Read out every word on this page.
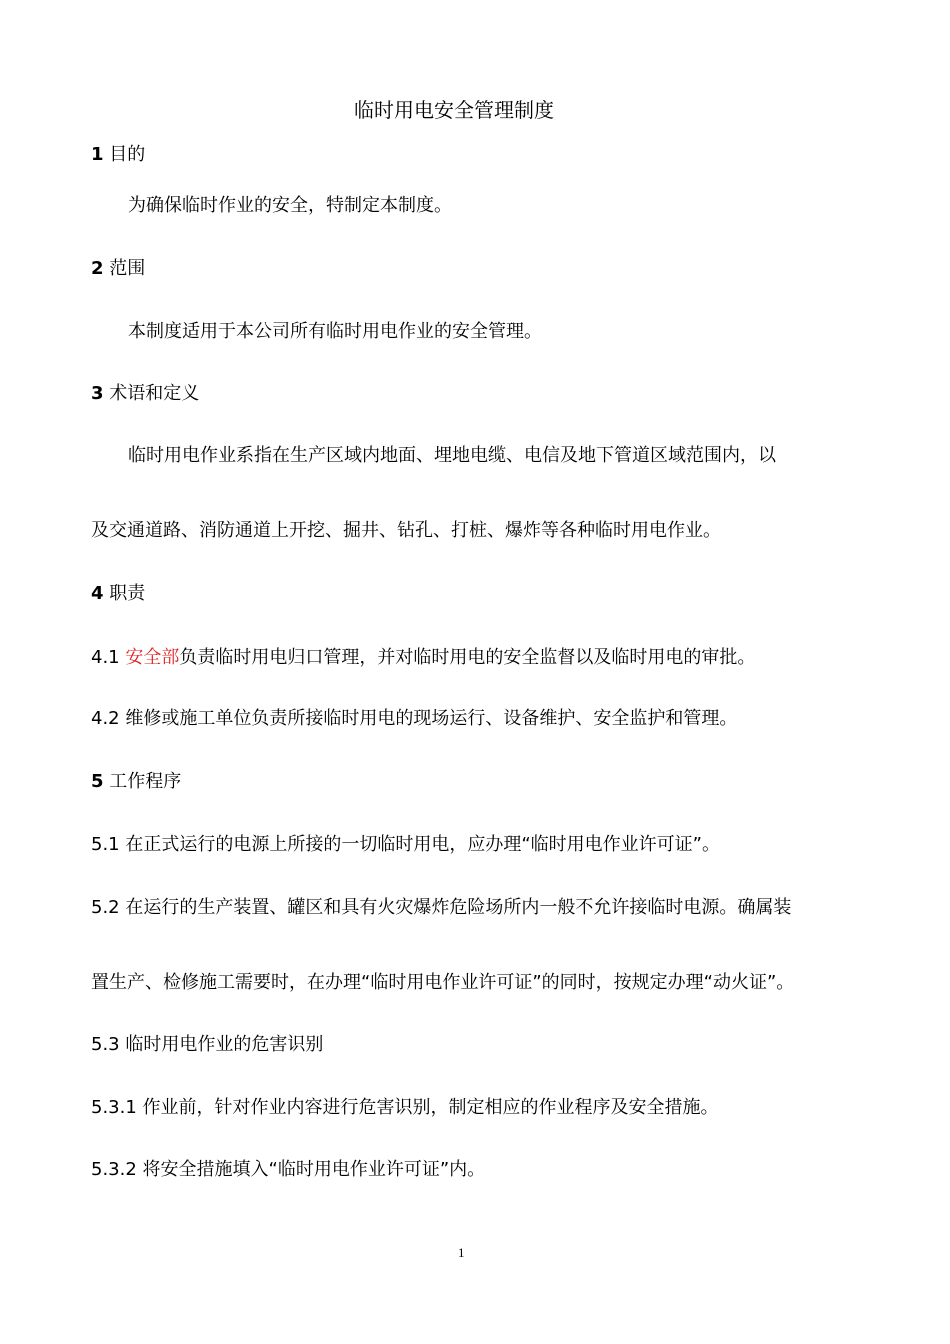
临时用电安全管理制度
1 目的
为确保临时作业的安全，特制定本制度。
2 范围
本制度适用于本公司所有临时用电作业的安全管理。
3 术语和定义
临时用电作业系指在生产区域内地面、埋地电缆、电信及地下管道区域范围内，以
及交通道路、消防通道上开挖、掘井、钻孔、打桩、爆炸等各种临时用电作业。
4 职责
4.1 安全部负责临时用电归口管理，并对临时用电的安全监督以及临时用电的审批。
4.2 维修或施工单位负责所接临时用电的现场运行、设备维护、安全监护和管理。
5 工作程序
5.1 在正式运行的电源上所接的一切临时用电，应办理“临时用电作业许可证”。
5.2 在运行的生产装置、罐区和具有火灾爆炸危险场所内一般不允许接临时电源。确属装
置生产、检修施工需要时，在办理“临时用电作业许可证”的同时，按规定办理“动火证”。
5.3 临时用电作业的危害识别
5.3.1 作业前，针对作业内容进行危害识别，制定相应的作业程序及安全措施。
5.3.2 将安全措施填入“临时用电作业许可证”内。
1
